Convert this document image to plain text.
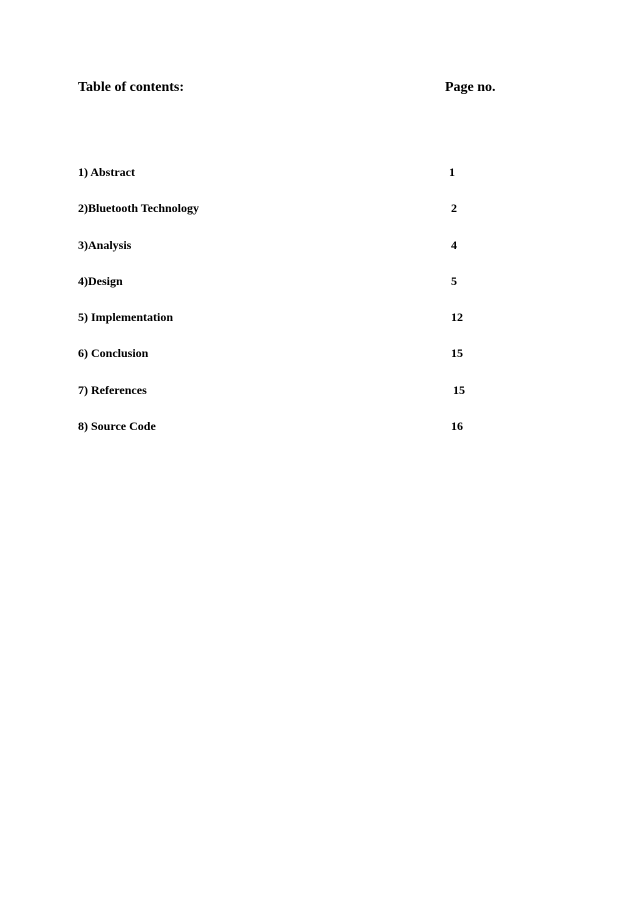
Table of contents:	Page no.
1) Abstract	1
2)Bluetooth Technology	2
3)Analysis	4
4)Design	5
5) Implementation	12
6) Conclusion	15
7) References	15
8) Source Code	16
